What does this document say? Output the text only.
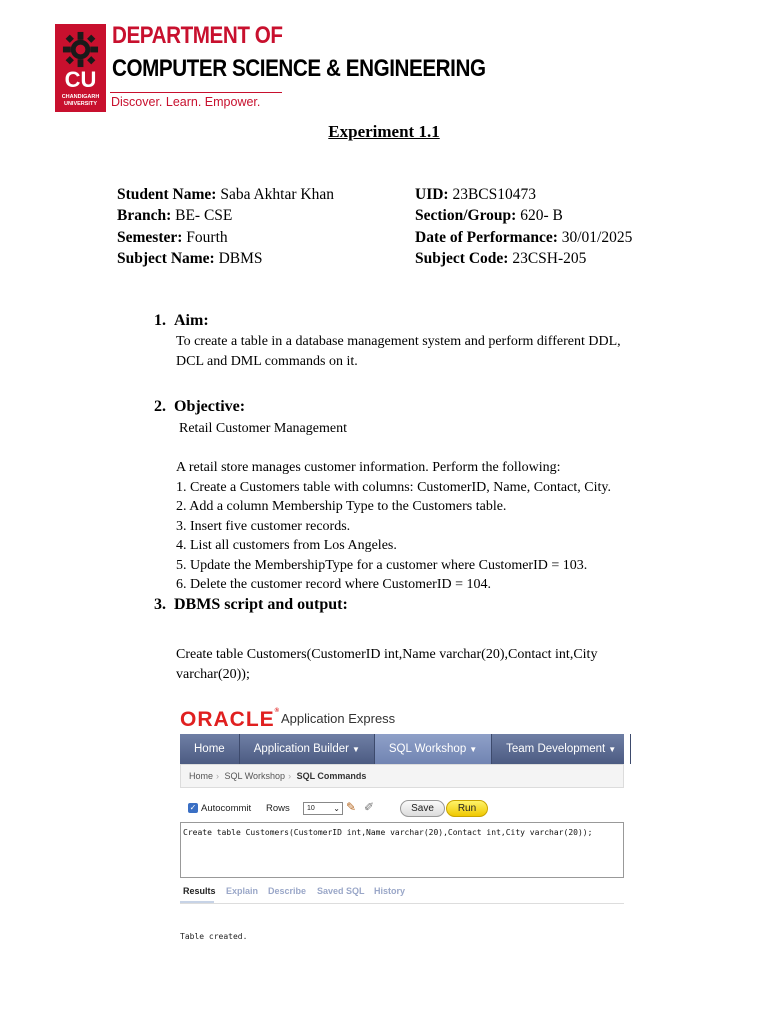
CU
CHANDIGARH UNIVERSITY
DEPARTMENT OF
COMPUTER SCIENCE & ENGINEERING
Discover. Learn. Empower.
Experiment 1.1
Student Name: Saba Akhtar Khan	UID: 23BCS10473
Branch: BE- CSE	Section/Group: 620- B
Semester: Fourth	Date of Performance: 30/01/2025
Subject Name: DBMS	Subject Code: 23CSH-205
1. Aim:

To create a table in a database management system and perform different DDL,

DCL and DML commands on it.

2. Objective:

Retail Customer Management

A retail store manages customer information. Perform the following:

1. Create a Customers table with columns: CustomerID, Name, Contact, City.

2. Add a column Membership Type to the Customers table.

3. Insert five customer records.

4. List all customers from Los Angeles.

5. Update the MembershipType for a customer where CustomerID = 103.

6. Delete the customer record where CustomerID = 104.

3. DBMS script and output:

Create table Customers(CustomerID int,Name varchar(20),Contact int,City

varchar(20));

ORACLE® Application Express
Home	Application Builder ▼	SQL Workshop ▼	Team Development ▼
Home › SQL Workshop › SQL Commands
✓ Autocommit Rows	10 ⌄ ✎ ✐	Save	Run
Create table Customers(CustomerID int,Name varchar(20),Contact int,City varchar(20));
Results Explain Describe Saved SQL History
Table created.
